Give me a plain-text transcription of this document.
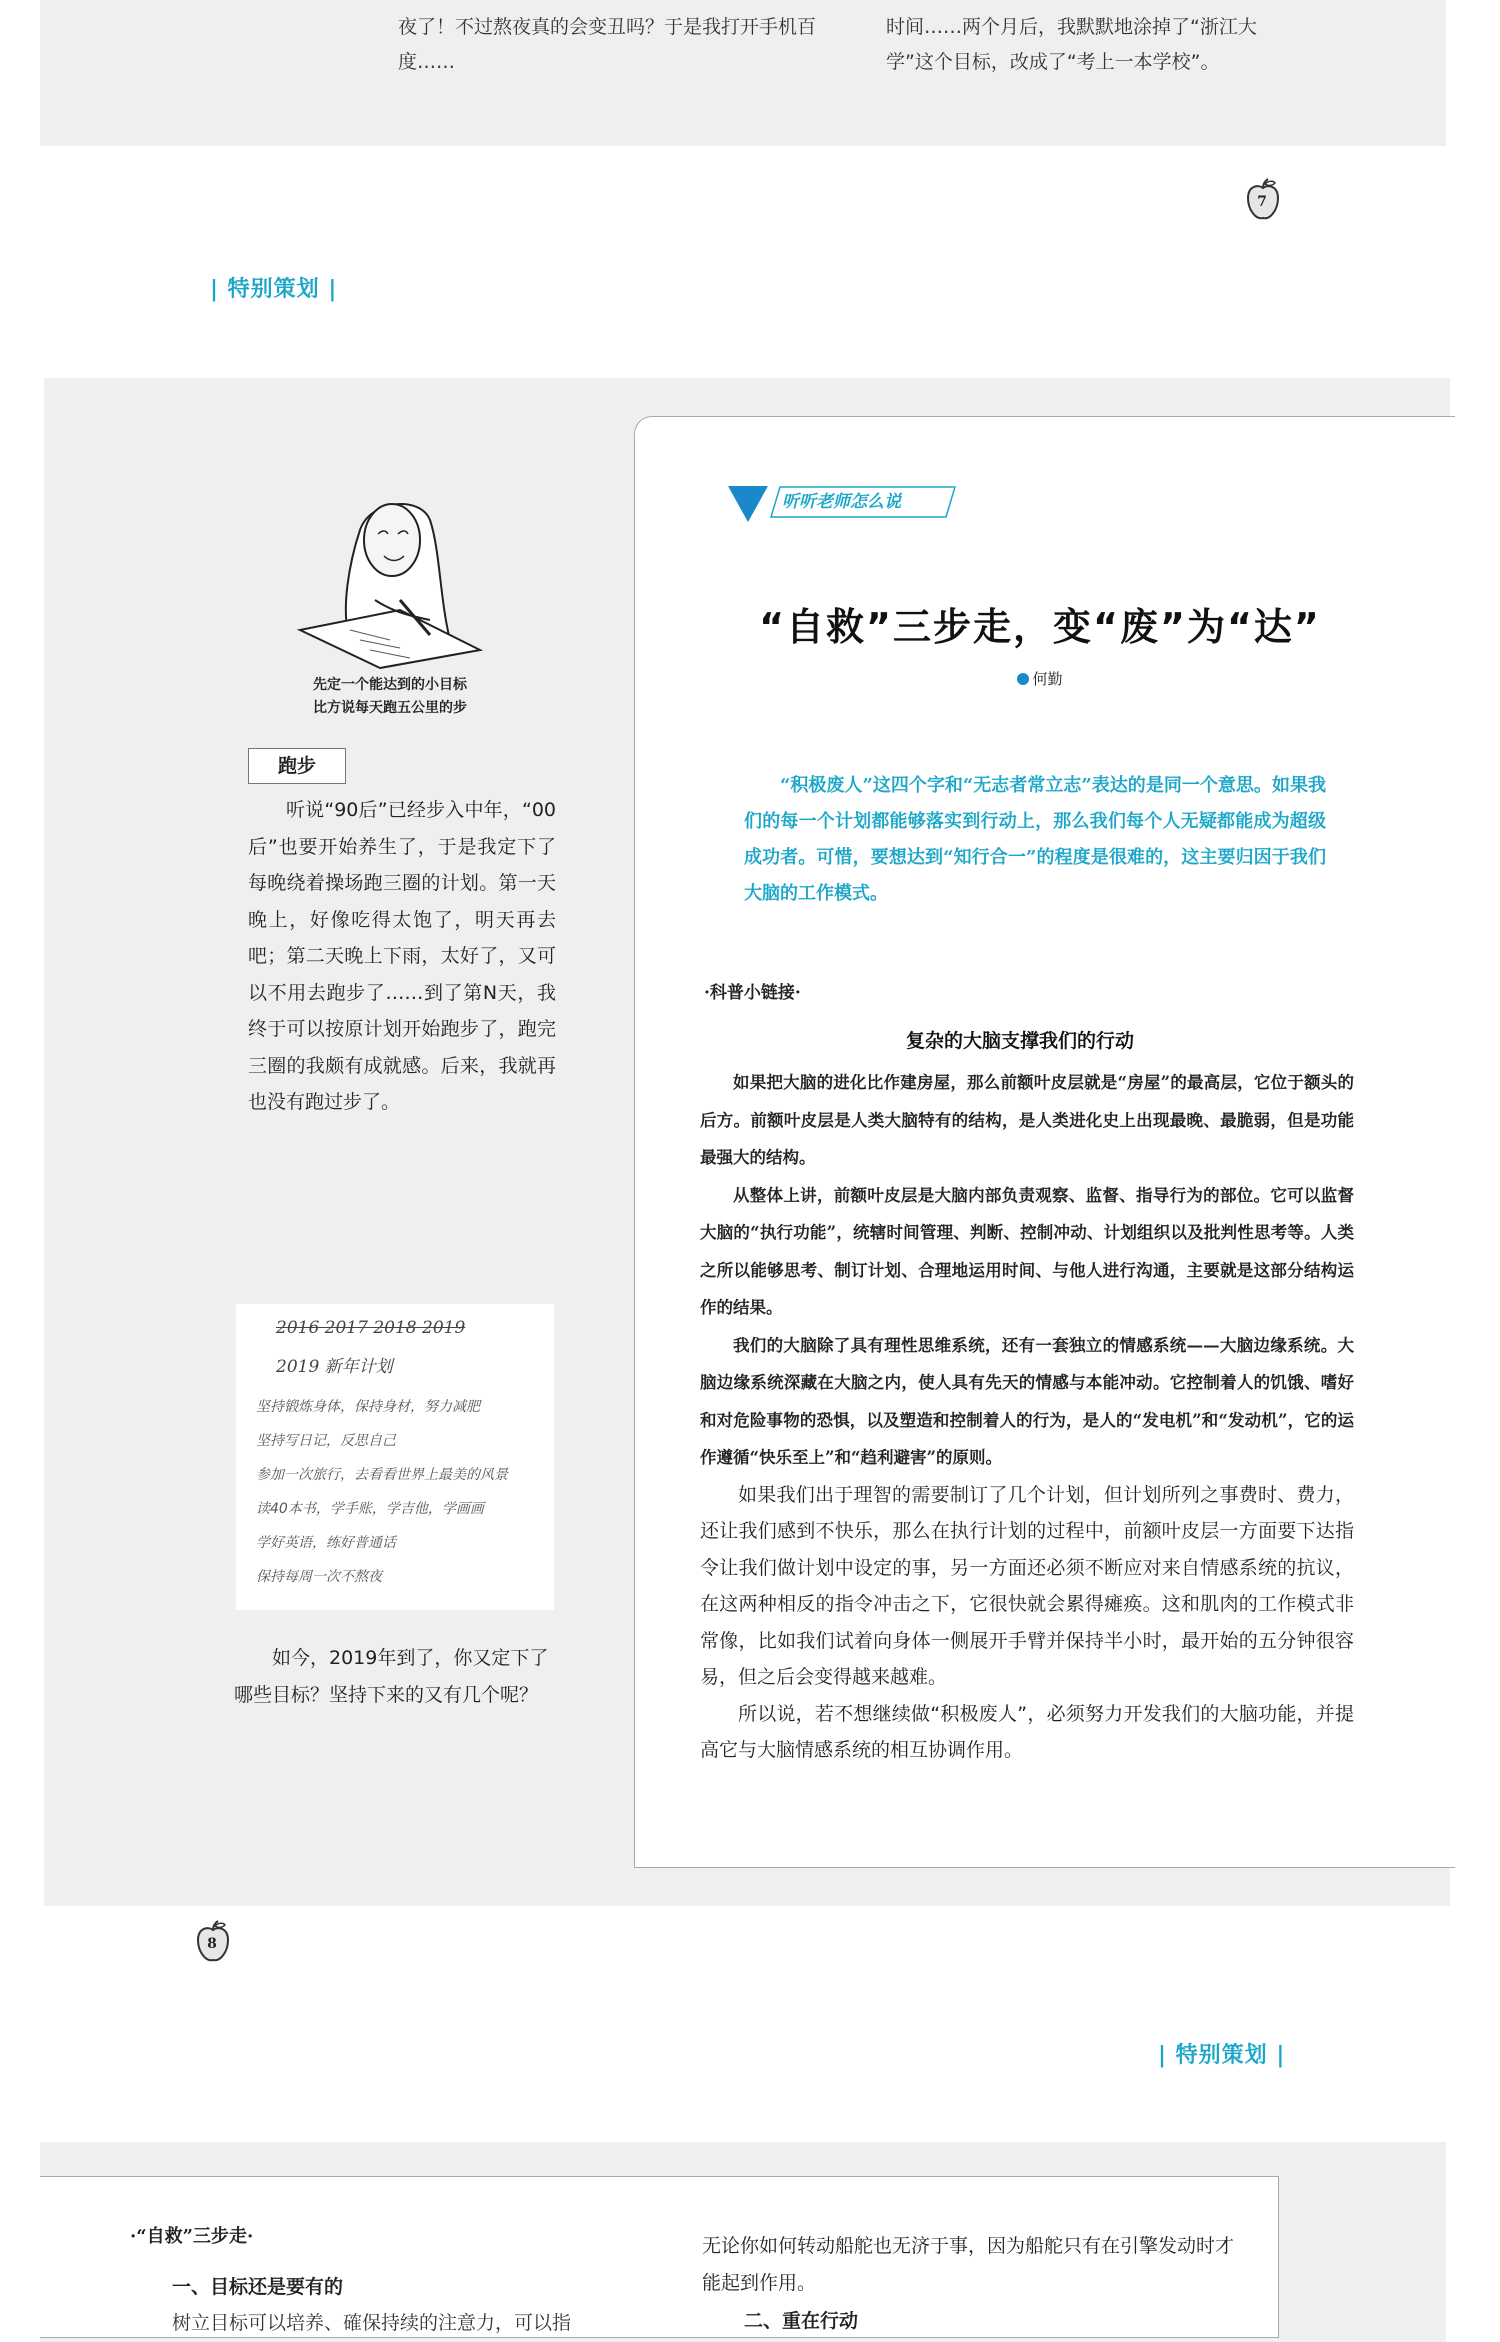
夜了！不过熬夜真的会变丑吗？于是我打开手机百度……
时间……两个月后，我默默地涂掉了“浙江大学”这个目标，改成了“考上一本学校”。
7
| 特别策划 |
先定一个能达到的小目标
比方说每天跑五公里的步
跑步
听说“90后”已经步入中年，“00后”也要开始养生了，于是我定下了每晚绕着操场跑三圈的计划。第一天晚上，好像吃得太饱了，明天再去吧；第二天晚上下雨，太好了，又可以不用去跑步了……到了第N天，我终于可以按原计划开始跑步了，跑完三圈的我颇有成就感。后来，我就再也没有跑过步了。
2016 2017 2018 2019
2019 新年计划
坚持锻炼身体，保持身材，努力减肥
坚持写日记，反思自己
参加一次旅行，去看看世界上最美的风景
读40本书，学手账，学吉他，学画画
学好英语，练好普通话
保持每周一次不熬夜
如今，2019年到了，你又定下了哪些目标？坚持下来的又有几个呢？
听听老师怎么说
“自救”三步走，变“废”为“达”
何勤
“积极废人”这四个字和“无志者常立志”表达的是同一个意思。如果我们的每一个计划都能够落实到行动上，那么我们每个人无疑都能成为超级成功者。可惜，要想达到“知行合一”的程度是很难的，这主要归因于我们大脑的工作模式。
·科普小链接·
复杂的大脑支撑我们的行动

如果把大脑的进化比作建房屋，那么前额叶皮层就是“房屋”的最高层，它位于额头的后方。前额叶皮层是人类大脑特有的结构，是人类进化史上出现最晚、最脆弱，但是功能最强大的结构。

从整体上讲，前额叶皮层是大脑内部负责观察、监督、指导行为的部位。它可以监督大脑的“执行功能”，统辖时间管理、判断、控制冲动、计划组织以及批判性思考等。人类之所以能够思考、制订计划、合理地运用时间、与他人进行沟通，主要就是这部分结构运作的结果。

我们的大脑除了具有理性思维系统，还有一套独立的情感系统——大脑边缘系统。大脑边缘系统深藏在大脑之内，使人具有先天的情感与本能冲动。它控制着人的饥饿、嗜好和对危险事物的恐惧，以及塑造和控制着人的行为，是人的“发电机”和“发动机”，它的运作遵循“快乐至上”和“趋利避害”的原则。

如果我们出于理智的需要制订了几个计划，但计划所列之事费时、费力，还让我们感到不快乐，那么在执行计划的过程中，前额叶皮层一方面要下达指令让我们做计划中设定的事，另一方面还必须不断应对来自情感系统的抗议，在这两种相反的指令冲击之下，它很快就会累得瘫痪。这和肌肉的工作模式非常像，比如我们试着向身体一侧展开手臂并保持半小时，最开始的五分钟很容易，但之后会变得越来越难。

所以说，若不想继续做“积极废人”，必须努力开发我们的大脑功能，并提高它与大脑情感系统的相互协调作用。

8
| 特别策划 |
·“自救”三步走·
一、目标还是要有的
树立目标可以培养、確保持续的注意力，可以指
无论你如何转动船舵也无济于事，因为船舵只有在引擎发动时才能起到作用。
二、重在行动
